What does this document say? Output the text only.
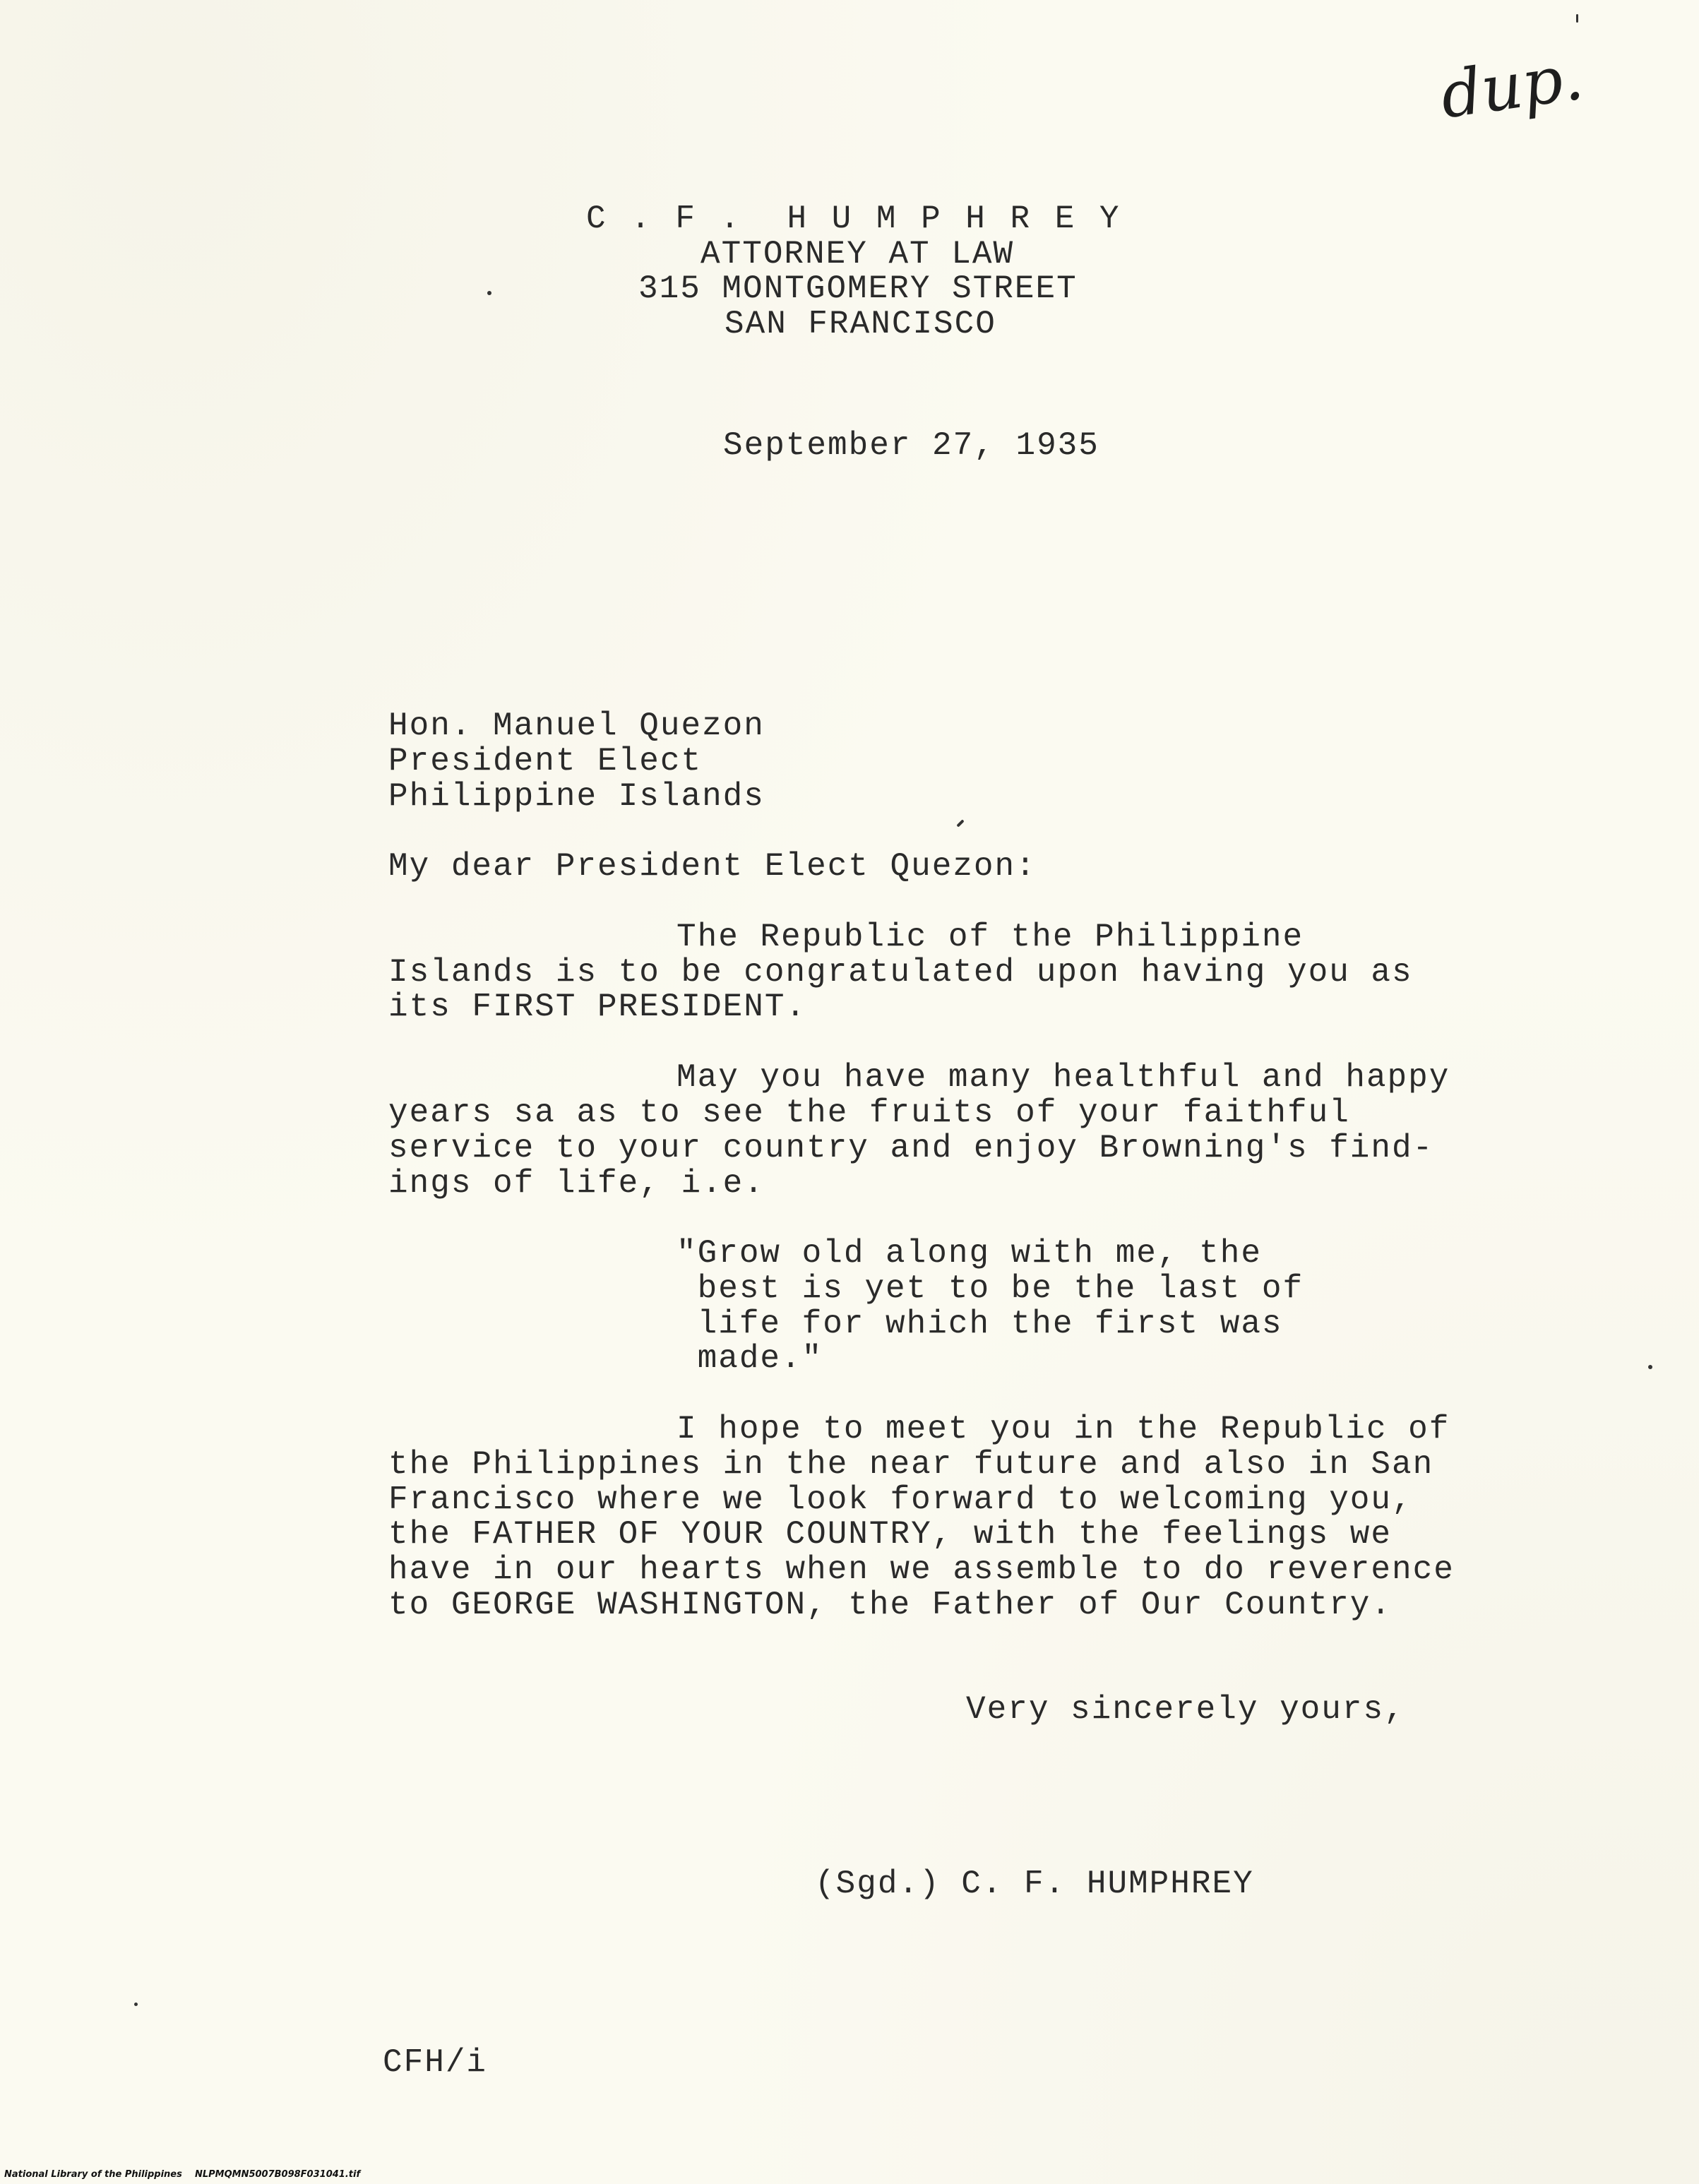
dup.
C . F .  H U M P H R E Y
ATTORNEY AT LAW
315 MONTGOMERY STREET
SAN FRANCISCO
September 27, 1935
Hon. Manuel Quezon
President Elect
Philippine Islands
My dear President Elect Quezon:
The Republic of the Philippine
Islands is to be congratulated upon having you as
its FIRST PRESIDENT.
May you have many healthful and happy
years sa as to see the fruits of your faithful
service to your country and enjoy Browning's find-
ings of life, i.e.
"Grow old along with me, the
best is yet to be the last of
life for which the first was
made."
I hope to meet you in the Republic of
the Philippines in the near future and also in San
Francisco where we look forward to welcoming you,
the FATHER OF YOUR COUNTRY, with the feelings we
have in our hearts when we assemble to do reverence
to GEORGE WASHINGTON, the Father of Our Country.
Very sincerely yours,
(Sgd.) C. F. HUMPHREY
CFH/i
National Library of the Philippines    NLPMQMN5007B098F031041.tif
